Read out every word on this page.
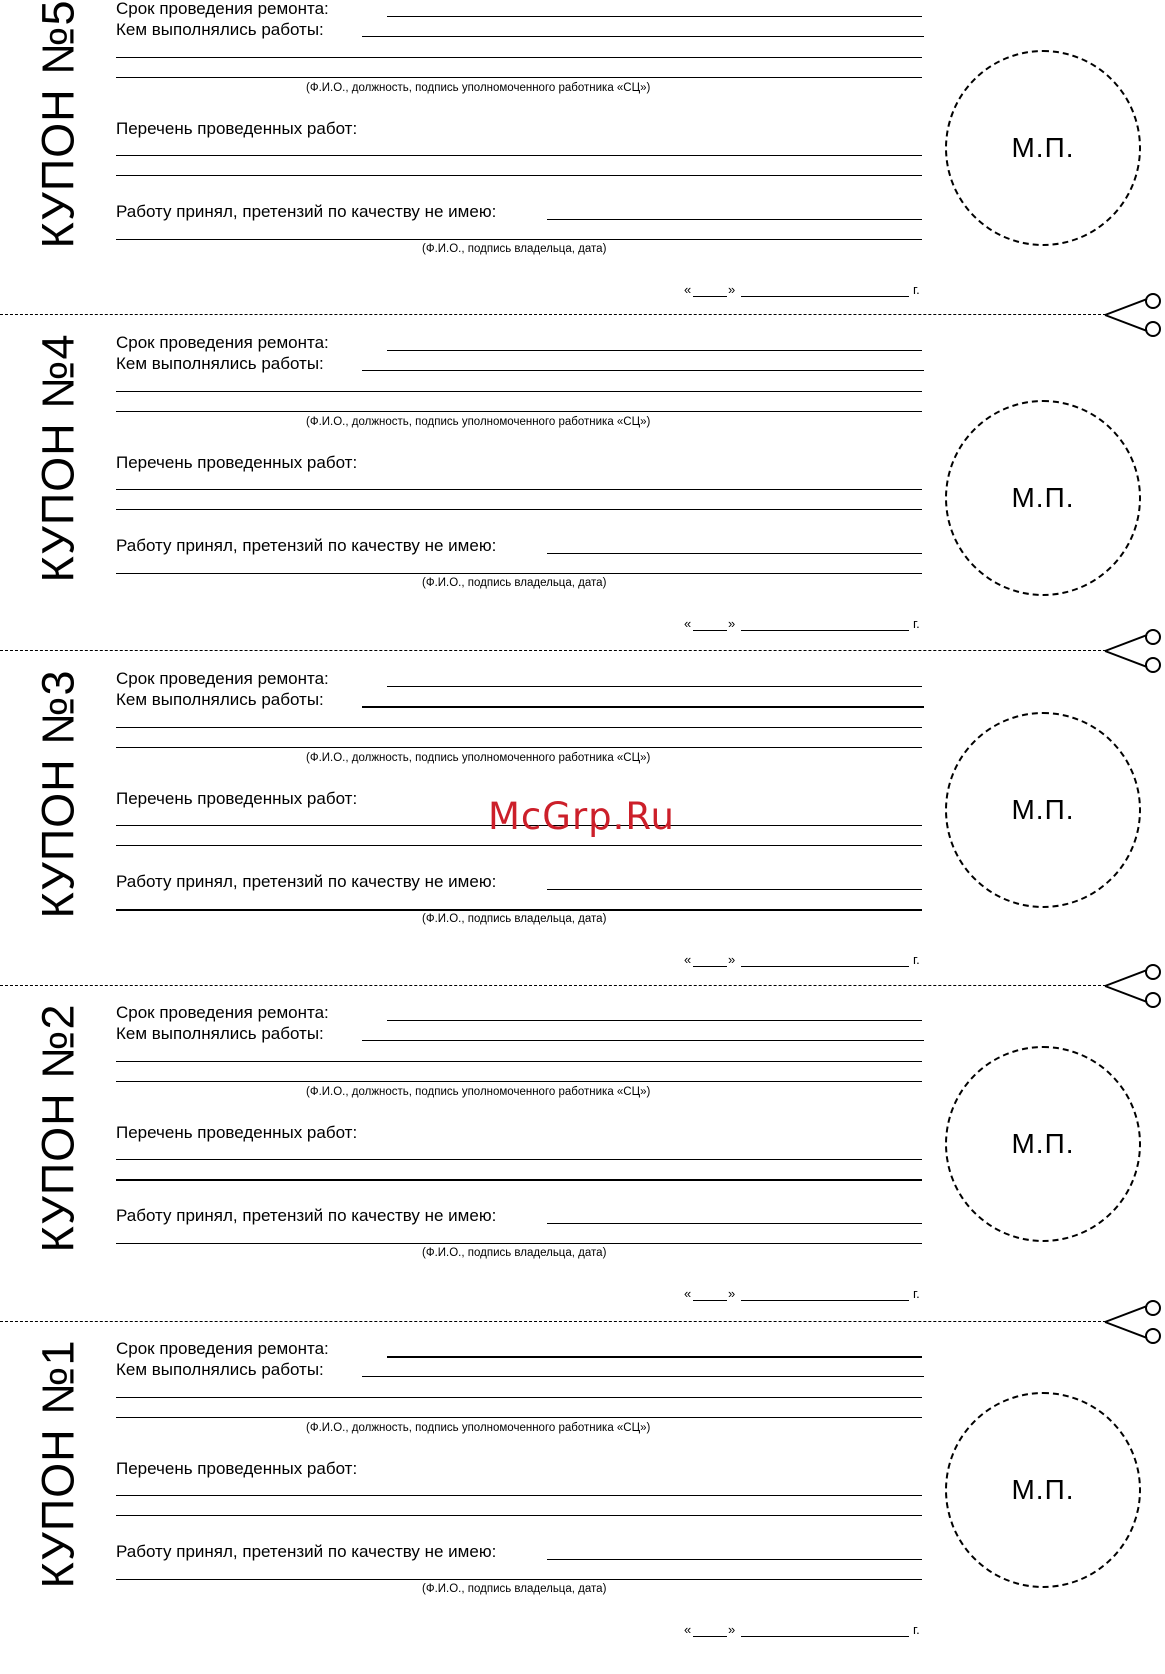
КУПОН №5 Срок проведения ремонта:
Кем выполнялись работы:
(Ф.И.О., должность, подпись уполномоченного работника «СЦ»)
Перечень проведенных работ:
Работу принял, претензий по качеству не имею:
(Ф.И.О., подпись владельца, дата)
«	»	г.
М.П.
КУПОН №4 Срок проведения ремонта:
Кем выполнялись работы:
(Ф.И.О., должность, подпись уполномоченного работника «СЦ»)
Перечень проведенных работ:
Работу принял, претензий по качеству не имею:
(Ф.И.О., подпись владельца, дата)
«	»	г.
М.П.
КУПОН №3 Срок проведения ремонта:
Кем выполнялись работы:
(Ф.И.О., должность, подпись уполномоченного работника «СЦ»)
Перечень проведенных работ:
Работу принял, претензий по качеству не имею:
(Ф.И.О., подпись владельца, дата)
«	»	г.
М.П.
КУПОН №2 Срок проведения ремонта:
Кем выполнялись работы:
(Ф.И.О., должность, подпись уполномоченного работника «СЦ»)
Перечень проведенных работ:
Работу принял, претензий по качеству не имею:
(Ф.И.О., подпись владельца, дата)
«	»	г.
М.П.
КУПОН №1 Срок проведения ремонта:
Кем выполнялись работы:
(Ф.И.О., должность, подпись уполномоченного работника «СЦ»)
Перечень проведенных работ:
Работу принял, претензий по качеству не имею:
(Ф.И.О., подпись владельца, дата)
«	»	г.
М.П.
McGrp.Ru
